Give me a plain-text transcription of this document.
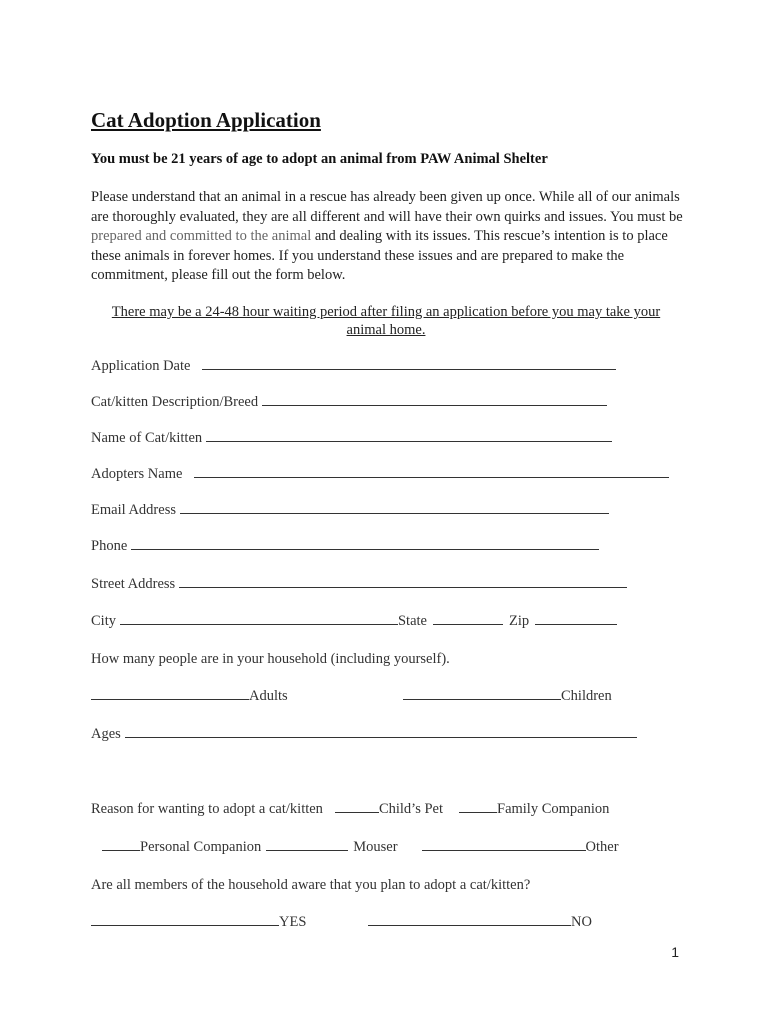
Cat Adoption Application
You must be 21 years of age to adopt an animal from PAW Animal Shelter
Please understand that an animal in a rescue has already been given up once. While all of our animals are thoroughly evaluated, they are all different and will have their own quirks and issues. You must be prepared and committed to the animal and dealing with its issues. This rescue’s intention is to place these animals in forever homes. If you understand these issues and are prepared to make the commitment, please fill out the form below.
There may be a 24-48 hour waiting period after filing an application before you may take your animal home.
Application Date
Cat/kitten Description/Breed
Name of Cat/kitten
Adopters Name
Email Address
Phone
Street Address
City	State	Zip
How many people are in your household (including yourself).
Adults	Children
Ages
Reason for wanting to adopt a cat/kitten	Child’s Pet	Family Companion
Personal Companion	Mouser	Other
Are all members of the household aware that you plan to adopt a cat/kitten?
YES	NO
1
